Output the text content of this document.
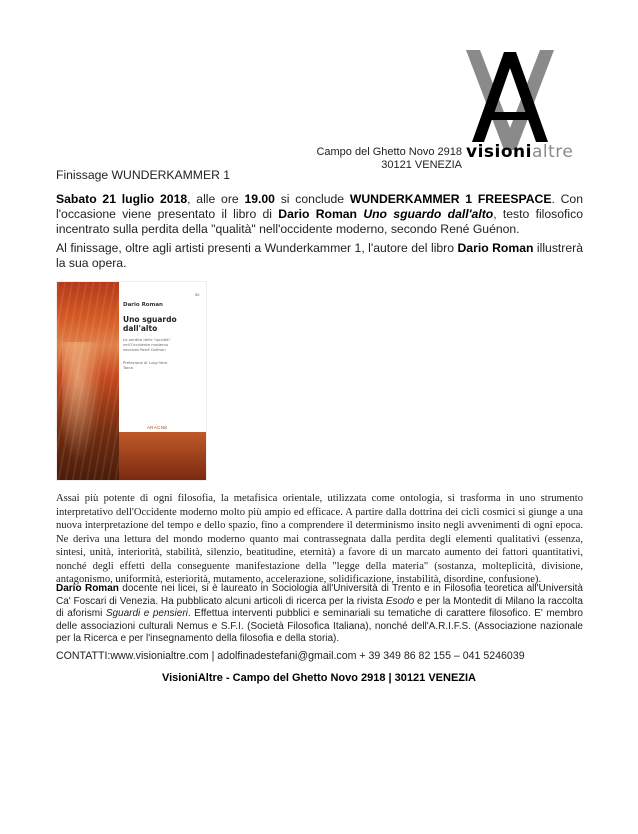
visionialtre
Campo del Ghetto Novo 2918
30121 VENEZIA
Finissage WUNDERKAMMER 1
Sabato 21 luglio 2018, alle ore 19.00 si conclude WUNDERKAMMER 1 FREESPACE. Con l'occasione viene presentato il libro di Dario Roman Uno sguardo dall'alto, testo filosofico incentrato sulla perdita della "qualità" nell'occidente moderno, secondo René Guénon.
Al finissage, oltre agli artisti presenti a Wunderkammer 1, l'autore del libro Dario Roman illustrerà la sua opera.
Dario Roman
86
Uno sguardo dall'alto
La perdita della "qualità" nell'Occidente moderno secondo René Guénon
Prefazione di Luigi Vero Tarca
ARACNE
Assai più potente di ogni filosofia, la metafisica orientale, utilizzata come ontologia, si trasforma in uno strumento interpretativo dell'Occidente moderno molto più ampio ed efficace. A partire dalla dottrina dei cicli cosmici si giunge a una nuova interpretazione del tempo e dello spazio, fino a comprendere il determinismo insito negli avvenimenti di ogni epoca. Ne deriva una lettura del mondo moderno quanto mai contrassegnata dalla perdita degli elementi qualitativi (essenza, sintesi, unità, interiorità, stabilità, silenzio, beatitudine, eternità) a favore di un marcato aumento dei fattori quantitativi, nonché degli effetti della conseguente manifestazione della "legge della materia" (sostanza, molteplicità, divisione, antagonismo, uniformità, esteriorità, mutamento, accelerazione, solidificazione, instabilità, disordine, confusione).
Dario Roman docente nei licei, si è laureato in Sociologia all'Università di Trento e in Filosofia teoretica all'Università Ca' Foscari di Venezia. Ha pubblicato alcuni articoli di ricerca per la rivista Esodo e per la Montedit di Milano la raccolta di aforismi Sguardi e pensieri. Effettua interventi pubblici e seminariali su tematiche di carattere filosofico. E' membro delle associazioni culturali Nemus e S.F.I. (Società Filosofica Italiana), nonché dell'A.R.I.F.S. (Associazione nazionale per la Ricerca e per l'insegnamento della filosofia e della storia).
CONTATTI:www.visionialtre.com | adolfinadestefani@gmail.com + 39 349 86 82 155 – 041 5246039
VisioniAltre - Campo del Ghetto Novo 2918 | 30121 VENEZIA
